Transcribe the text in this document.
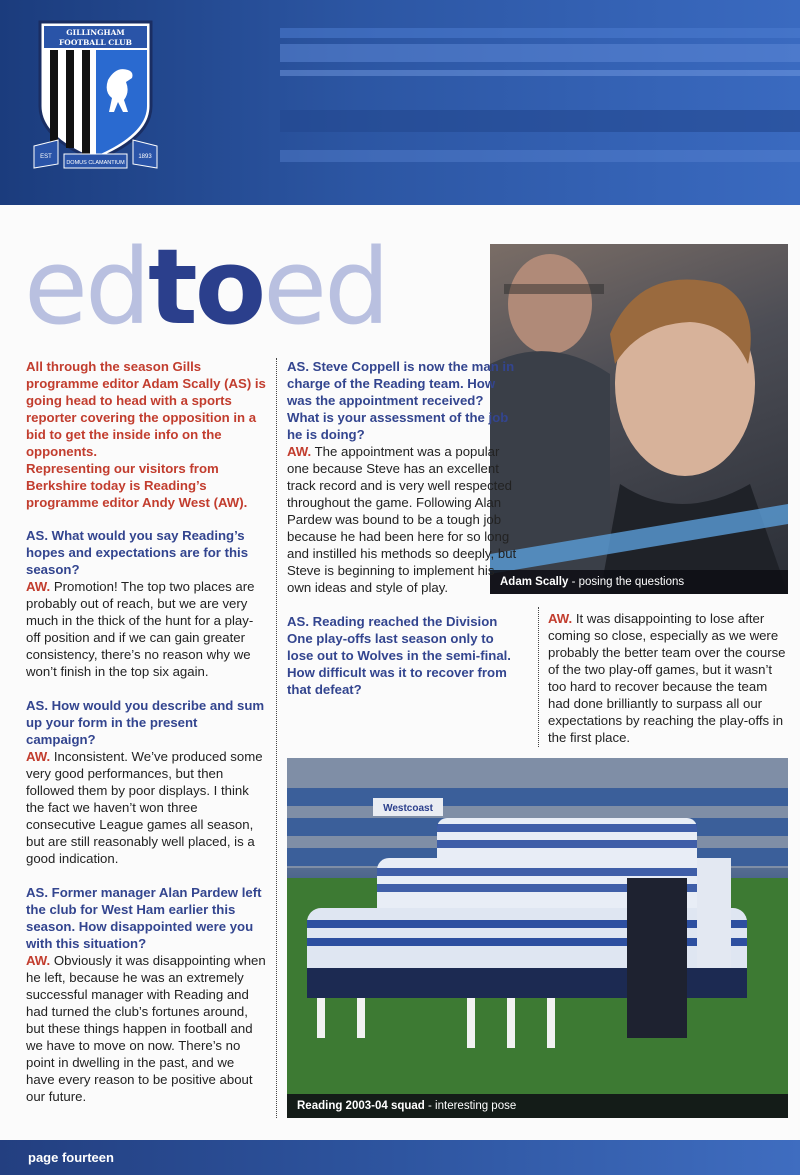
GILLINGHAM
FOOTBALL CLUB
EST	1893
DOMUS CLAMANTIUM
edtoed
Adam Scally - posing the questions

All through the season Gills programme editor Adam Scally (AS) is going head to head with a sports reporter covering the opposition in a bid to get the inside info on the opponents.

Representing our visitors from Berkshire today is Reading’s programme editor Andy West (AW).

AS. What would you say Reading’s hopes and expectations are for this season?
AW. Promotion! The top two places are probably out of reach, but we are very much in the thick of the hunt for a play-off position and if we can gain greater consistency, there’s no reason why we won’t finish in the top six again.
AS. How would you describe and sum up your form in the present campaign?
AW. Inconsistent. We’ve produced some very good performances, but then followed them by poor displays. I think the fact we haven’t won three consecutive League games all season, but are still reasonably well placed, is a good indication.
AS. Former manager Alan Pardew left the club for West Ham earlier this season. How disappointed were you with this situation?
AW. Obviously it was disappointing when he left, because he was an extremely successful manager with Reading and had turned the club’s fortunes around, but these things happen in football and we have to move on now. There’s no point in dwelling in the past, and we have every reason to be positive about our future.
AS. Steve Coppell is now the man in charge of the Reading team. How was the appointment received? What is your assessment of the job he is doing?
AW. The appointment was a popular one because Steve has an excellent track record and is very well respected throughout the game. Following Alan Pardew was bound to be a tough job because he had been here for so long and instilled his methods so deeply, but Steve is beginning to implement his own ideas and style of play.
AS. Reading reached the Division One play-offs last season only to lose out to Wolves in the semi-final. How difficult was it to recover from that defeat?
AW. It was disappointing to lose after coming so close, especially as we were probably the better team over the course of the two play-off games, but it wasn’t too hard to recover because the team had done brilliantly to surpass all our expectations by reaching the play-offs in the first place.
Westcoast
Reading 2003-04 squad - interesting pose
page fourteen
